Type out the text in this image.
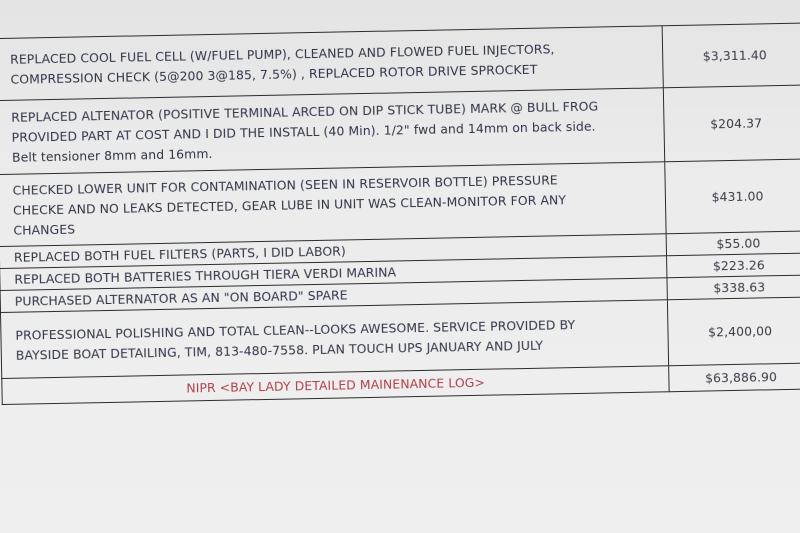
REPLACED COOL FUEL CELL (W/FUEL PUMP), CLEANED AND FLOWED FUEL INJECTORS,
COMPRESSION CHECK (5@200 3@185, 7.5%) , REPLACED ROTOR DRIVE SPROCKET	$3,311.40

REPLACED ALTENATOR (POSITIVE TERMINAL ARCED ON DIP STICK TUBE) MARK @ BULL FROG
PROVIDED PART AT COST AND I DID THE INSTALL (40 Min). 1/2" fwd and 14mm on back side.
Belt tensioner 8mm and 16mm.	$204.37

CHECKED LOWER UNIT FOR CONTAMINATION (SEEN IN RESERVOIR BOTTLE) PRESSURE
CHECKE AND NO LEAKS DETECTED, GEAR LUBE IN UNIT WAS CLEAN-MONITOR FOR ANY
CHANGES	$431.00

REPLACED BOTH FUEL FILTERS (PARTS, I DID LABOR)	$55.00

REPLACED BOTH BATTERIES THROUGH TIERA VERDI MARINA	$223.26

PURCHASED ALTERNATOR AS AN "ON BOARD" SPARE	$338.63

PROFESSIONAL POLISHING AND TOTAL CLEAN--LOOKS AWESOME. SERVICE PROVIDED BY
BAYSIDE BOAT DETAILING, TIM, 813-480-7558. PLAN TOUCH UPS JANUARY AND JULY	$2,400,00
NIPR <BAY LADY DETAILED MAINENANCE LOG>	$63,886.90
